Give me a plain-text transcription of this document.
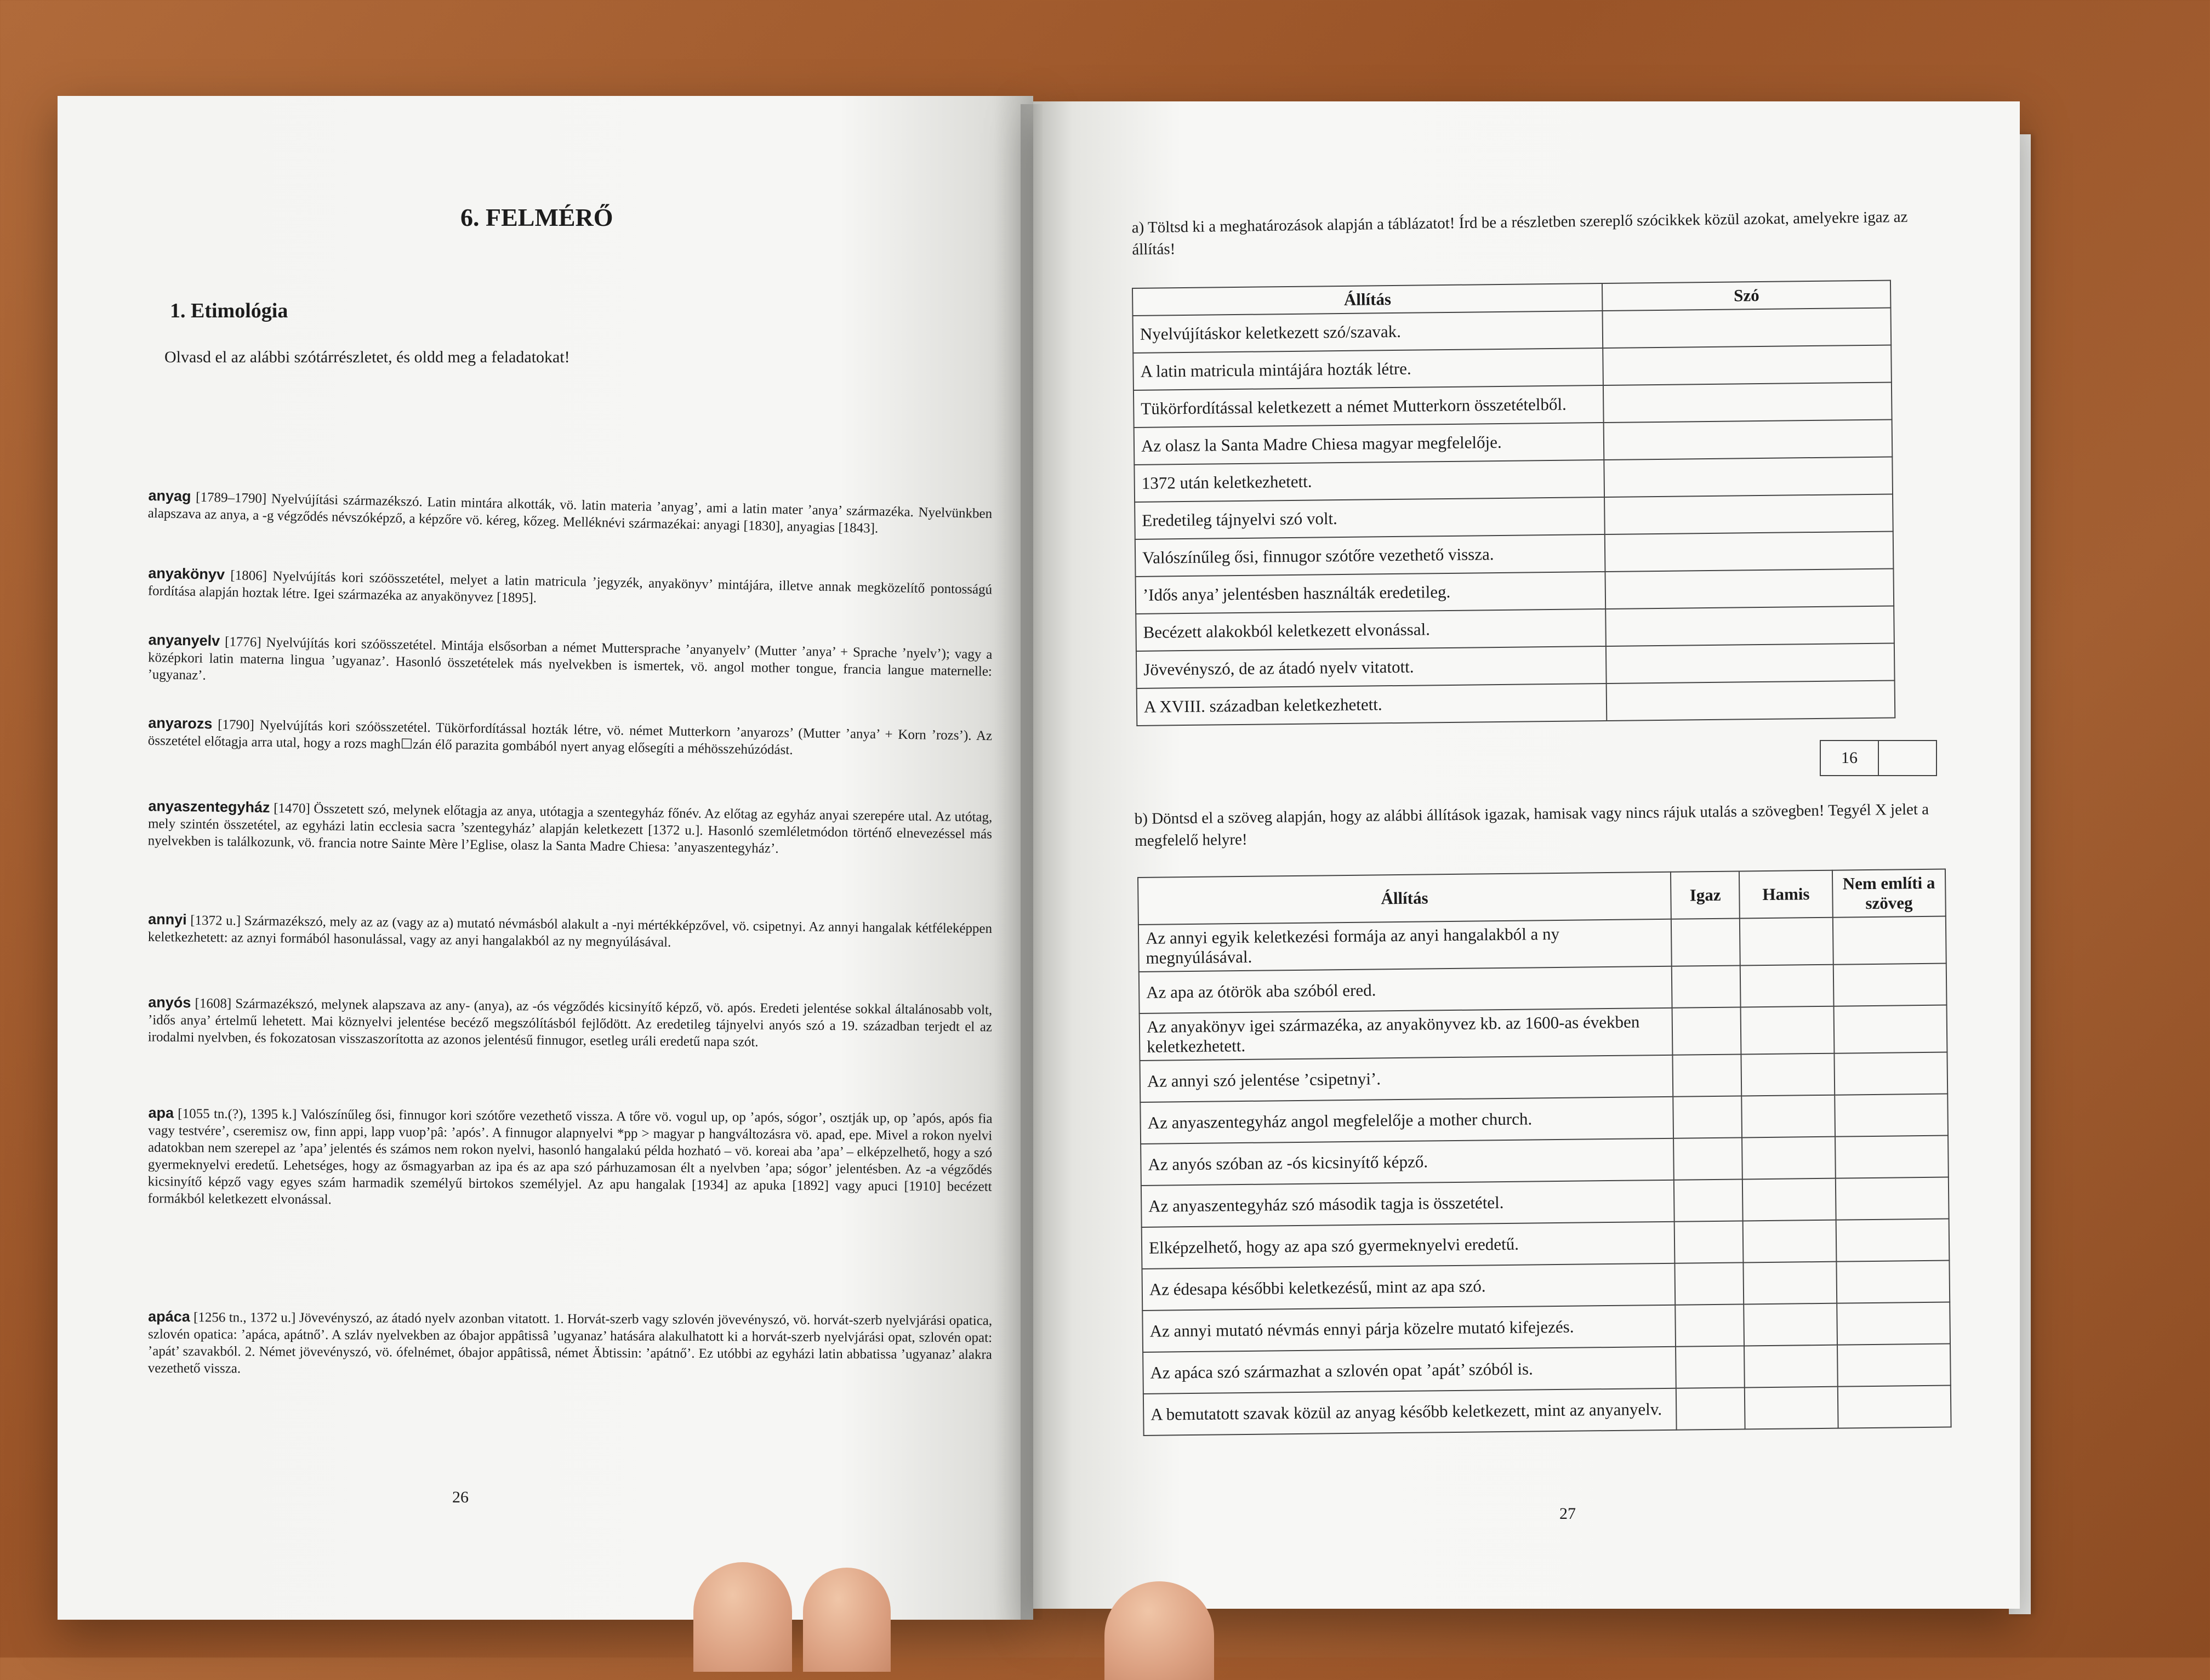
6. FELMÉRŐ
1. Etimológia
Olvasd el az alábbi szótárrészletet, és oldd meg a feladatokat!
anyag [1789–1790] Nyelvújítási származékszó. Latin mintára alkották, vö. latin materia ’anyag’, ami a latin mater ’anya’ származéka. Nyelvünkben alapszava az anya, a -g végződés névszóképző, a képzőre vö. kéreg, kőzeg. Melléknévi származékai: anyagi [1830], anyagias [1843].
anyakönyv [1806] Nyelvújítás kori szóösszetétel, melyet a latin matricula ’jegyzék, anyakönyv’ mintájára, illetve annak megközelítő pontosságú fordítása alapján hoztak létre. Igei származéka az anyakönyvez [1895].
anyanyelv [1776] Nyelvújítás kori szóösszetétel. Mintája elsősorban a német Muttersprache ’anyanyelv’ (Mutter ’anya’ + Sprache ’nyelv’); vagy a középkori latin materna lingua ’ugyanaz’. Hasonló összetételek más nyelvekben is ismertek, vö. angol mother tongue, francia langue maternelle: ’ugyanaz’.
anyarozs [1790] Nyelvújítás kori szóösszetétel. Tükörfordítással hozták létre, vö. német Mutterkorn ’anyarozs’ (Mutter ’anya’ + Korn ’rozs’). Az összetétel előtagja arra utal, hogy a rozs magh☐zán élő parazita gombából nyert anyag elősegíti a méhösszehúzódást.
anyaszentegyház [1470] Összetett szó, melynek előtagja az anya, utótagja a szentegyház főnév. Az előtag az egyház anyai szerepére utal. Az utótag, mely szintén összetétel, az egyházi latin ecclesia sacra ’szentegyház’ alapján keletkezett [1372 u.]. Hasonló szemléletmódon történő elnevezéssel más nyelvekben is találkozunk, vö. francia notre Sainte Mère l’Eglise, olasz la Santa Madre Chiesa: ’anyaszentegyház’.
annyi [1372 u.] Származékszó, mely az az (vagy az a) mutató névmásból alakult a -nyi mértékképzővel, vö. csipetnyi. Az annyi hangalak kétféleképpen keletkezhetett: az aznyi formából hasonulással, vagy az anyi hangalakból az ny megnyúlásával.
anyós [1608] Származékszó, melynek alapszava az any- (anya), az -ós végződés kicsinyítő képző, vö. após. Eredeti jelentése sokkal általánosabb volt, ’idős anya’ értelmű lehetett. Mai köznyelvi jelentése becéző megszólításból fejlődött. Az eredetileg tájnyelvi anyós szó a 19. században terjedt el az irodalmi nyelvben, és fokozatosan visszaszorította az azonos jelentésű finnugor, esetleg uráli eredetű napa szót.
apa [1055 tn.(?), 1395 k.] Valószínűleg ősi, finnugor kori szótőre vezethető vissza. A tőre vö. vogul up, op ’após, sógor’, osztják up, op ’após, após fia vagy testvére’, cseremisz ow, finn appi, lapp vuop’pâ: ’após’. A finnugor alapnyelvi *pp > magyar p hangváltozásra vö. apad, epe. Mivel a rokon nyelvi adatokban nem szerepel az ’apa’ jelentés és számos nem rokon nyelvi, hasonló hangalakú példa hozható – vö. koreai aba ’apa’ – elképzelhető, hogy a szó gyermeknyelvi eredetű. Lehetséges, hogy az ősmagyarban az ipa és az apa szó párhuzamosan élt a nyelvben ’apa; sógor’ jelentésben. Az -a végződés kicsinyítő képző vagy egyes szám harmadik személyű birtokos személyjel. Az apu hangalak [1934] az apuka [1892] vagy apuci [1910] becézett formákból keletkezett elvonással.
apáca [1256 tn., 1372 u.] Jövevényszó, az átadó nyelv azonban vitatott. 1. Horvát-szerb vagy szlovén jövevényszó, vö. horvát-szerb nyelvjárási opatica, szlovén opatica: ’apáca, apátnő’. A szláv nyelvekben az óbajor appâtissâ ’ugyanaz’ hatására alakulhatott ki a horvát-szerb nyelvjárási opat, szlovén opat: ’apát’ szavakból. 2. Német jövevényszó, vö. ófelnémet, óbajor appâtissâ, német Äbtissin: ’apátnő’. Ez utóbbi az egyházi latin abbatissa ’ugyanaz’ alakra vezethető vissza.
26
a) Töltsd ki a meghatározások alapján a táblázatot! Írd be a részletben szereplő szócikkek közül azokat, amelyekre igaz az állítás!
Állítás	Szó
Nyelvújításkor keletkezett szó/szavak.	
A latin matricula mintájára hozták létre.	
Tükörfordítással keletkezett a német Mutterkorn összetételből.	
Az olasz la Santa Madre Chiesa magyar megfelelője.	
1372 után keletkezhetett.	
Eredetileg tájnyelvi szó volt.	
Valószínűleg ősi, finnugor szótőre vezethető vissza.	
’Idős anya’ jelentésben használták eredetileg.	
Becézett alakokból keletkezett elvonással.	
Jövevényszó, de az átadó nyelv vitatott.	
A XVIII. században keletkezhetett.	
16	
b) Döntsd el a szöveg alapján, hogy az alábbi állítások igazak, hamisak vagy nincs rájuk utalás a szövegben! Tegyél X jelet a megfelelő helyre!
Állítás	Igaz	Hamis	Nem említi a szöveg
Az annyi egyik keletkezési formája az anyi hangalakból a ny megnyúlásával.			
Az apa az ótörök aba szóból ered.			
Az anyakönyv igei származéka, az anyakönyvez kb. az 1600-as években keletkezhetett.			
Az annyi szó jelentése ’csipetnyi’.			
Az anyaszentegyház angol megfelelője a mother church.			
Az anyós szóban az -ós kicsinyítő képző.			
Az anyaszentegyház szó második tagja is összetétel.			
Elképzelhető, hogy az apa szó gyermeknyelvi eredetű.			
Az édesapa későbbi keletkezésű, mint az apa szó.			
Az annyi mutató névmás ennyi párja közelre mutató kifejezés.			
Az apáca szó származhat a szlovén opat ’apát’ szóból is.			
A bemutatott szavak közül az anyag később keletkezett, mint az anyanyelv.			
27
